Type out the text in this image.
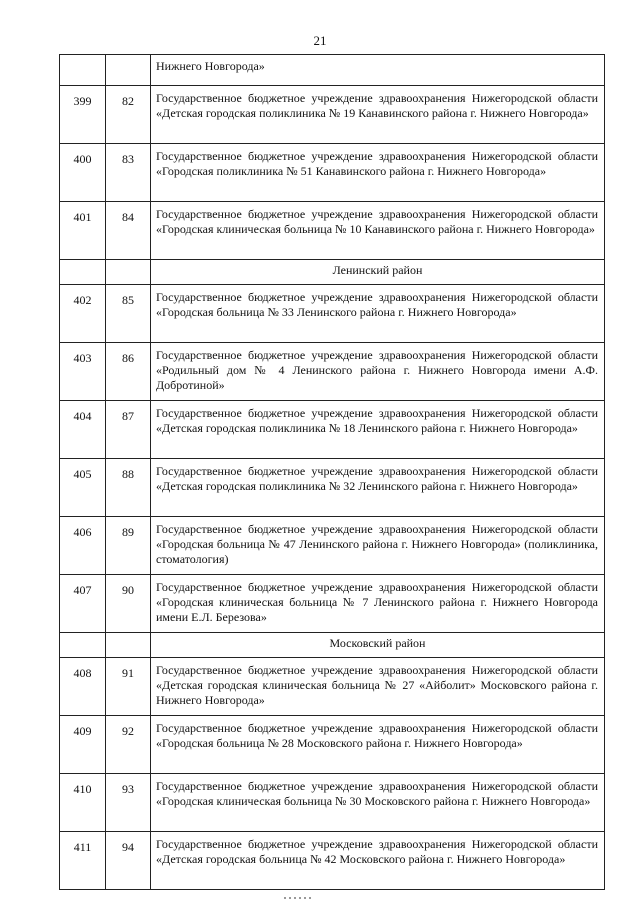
21
		Нижнего Новгорода»
399	82	Государственное бюджетное учреждение здравоохранения Нижегородской области «Детская городская поликлиника № 19 Канавинского района г. Нижнего Новгорода»
400	83	Государственное бюджетное учреждение здравоохранения Нижегородской области «Городская поликлиника № 51 Канавинского района г. Нижнего Новгорода»
401	84	Государственное бюджетное учреждение здравоохранения Нижегородской области «Городская клиническая больница № 10 Канавинского района г. Нижнего Новгорода»
		Ленинский район
402	85	Государственное бюджетное учреждение здравоохранения Нижегородской области «Городская больница № 33 Ленинского района г. Нижнего Новгорода»
403	86	Государственное бюджетное учреждение здравоохранения Нижегородской области «Родильный дом № 4 Ленинского района г. Нижнего Новгорода имени А.Ф. Добротиной»
404	87	Государственное бюджетное учреждение здравоохранения Нижегородской области «Детская городская поликлиника № 18 Ленинского района г. Нижнего Новгорода»
405	88	Государственное бюджетное учреждение здравоохранения Нижегородской области «Детская городская поликлиника № 32 Ленинского района г. Нижнего Новгорода»
406	89	Государственное бюджетное учреждение здравоохранения Нижегородской области «Городская больница № 47 Ленинского района г. Нижнего Новгорода» (поликлиника, стоматология)
407	90	Государственное бюджетное учреждение здравоохранения Нижегородской области «Городская клиническая больница № 7 Ленинского района г. Нижнего Новгорода имени Е.Л. Березова»
		Московский район
408	91	Государственное бюджетное учреждение здравоохранения Нижегородской области «Детская городская клиническая больница № 27 «Айболит» Московского района г. Нижнего Новгорода»
409	92	Государственное бюджетное учреждение здравоохранения Нижегородской области «Городская больница № 28 Московского района г. Нижнего Новгорода»
410	93	Государственное бюджетное учреждение здравоохранения Нижегородской области «Городская клиническая больница № 30 Московского района г. Нижнего Новгорода»
411	94	Государственное бюджетное учреждение здравоохранения Нижегородской области «Детская городская больница № 42 Московского района г. Нижнего Новгорода»
